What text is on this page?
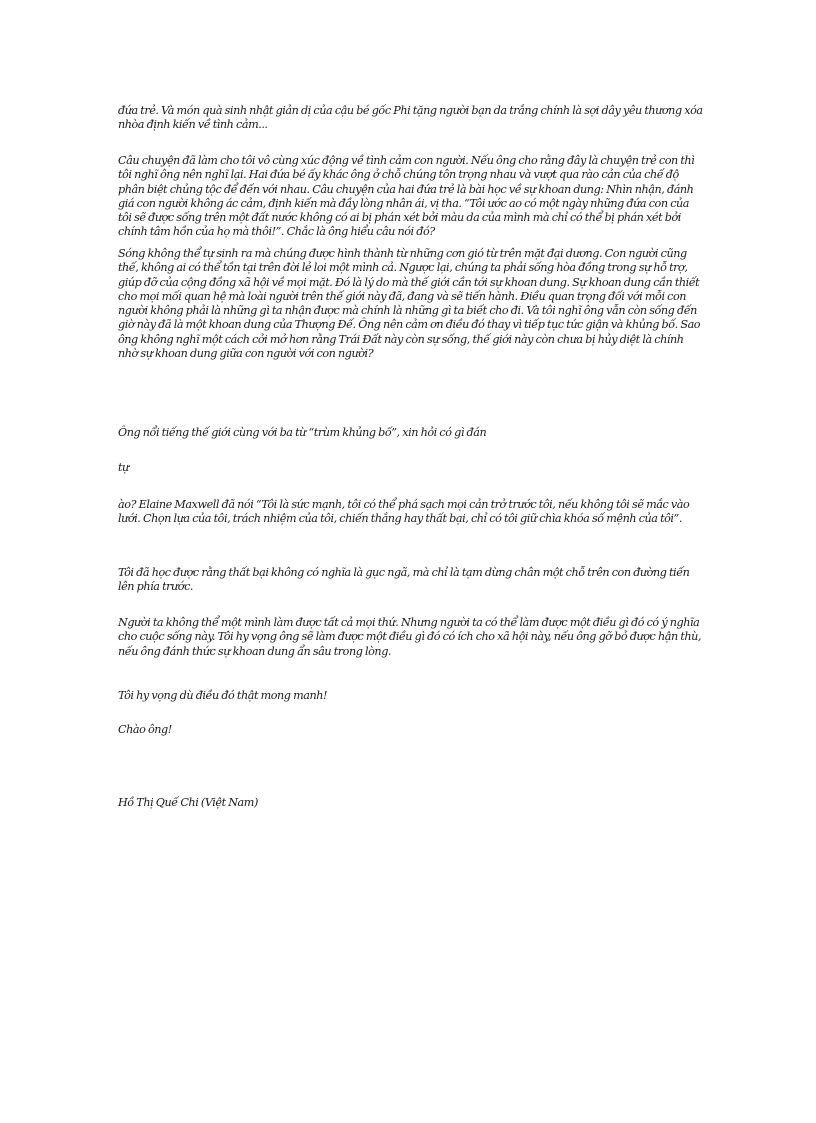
đứa trẻ. Và món quà sinh nhật giản dị của cậu bé gốc Phi tặng người bạn da trắng chính là sợi dây yêu thương xóa nhòa định kiến về tình cảm...

Câu chuyện đã làm cho tôi vô cùng xúc động về tình cảm con người. Nếu ông cho rằng đây là chuyện trẻ con thì tôi nghĩ ông nên nghĩ lại. Hai đứa bé ấy khác ông ở chỗ chúng tôn trọng nhau và vượt qua rào cản của chế độ phân biệt chủng tộc để đến với nhau. Câu chuyện của hai đứa trẻ là bài học về sự khoan dung: Nhìn nhận, đánh giá con người không ác cảm, định kiến mà đầy lòng nhân ái, vị tha. “Tôi ước ao có một ngày những đứa con của tôi sẽ được sống trên một đất nước không có ai bị phán xét bởi màu da của mình mà chỉ có thể bị phán xét bởi chính tâm hồn của họ mà thôi!”. Chắc là ông hiểu câu nói đó?

Sóng không thể tự sinh ra mà chúng được hình thành từ những cơn gió từ trên mặt đại dương. Con người cũng thế, không ai có thể tồn tại trên đời lẻ loi một mình cả. Ngược lại, chúng ta phải sống hòa đồng trong sự hỗ trợ, giúp đỡ của cộng đồng xã hội về mọi mặt. Đó là lý do mà thế giới cần tới sự khoan dung. Sự khoan dung cần thiết cho mọi mối quan hệ mà loài người trên thế giới này đã, đang và sẽ tiến hành. Điều quan trọng đối với mỗi con người không phải là những gì ta nhận được mà chính là những gì ta biết cho đi. Và tôi nghĩ ông vẫn còn sống đến giờ này đã là một khoan dung của Thượng Đế. Ông nên cảm ơn điều đó thay vì tiếp tục tức giận và khủng bố. Sao ông không nghĩ một cách cởi mở hơn rằng Trái Đất này còn sự sống, thế giới này còn chưa bị hủy diệt là chính nhờ sự khoan dung giữa con người với con người?

Ông nổi tiếng thế giới cùng với ba từ “trùm khủng bố”, xin hỏi có gì đán

tự

ào? Elaine Maxwell đã nói “Tôi là sức mạnh, tôi có thể phá sạch mọi cản trở trước tôi, nếu không tôi sẽ mắc vào lưới. Chọn lựa của tôi, trách nhiệm của tôi, chiến thắng hay thất bại, chỉ có tôi giữ chìa khóa số mệnh của tôi”.

Tôi đã học được rằng thất bại không có nghĩa là gục ngã, mà chỉ là tạm dừng chân một chỗ trên con đường tiến lên phía trước.

Người ta không thể một mình làm được tất cả mọi thứ. Nhưng người ta có thể làm được một điều gì đó có ý nghĩa cho cuộc sống này. Tôi hy vọng ông sẽ làm được một điều gì đó có ích cho xã hội này, nếu ông gỡ bỏ được hận thù, nếu ông đánh thức sự khoan dung ẩn sâu trong lòng.

Tôi hy vọng dù điều đó thật mong manh!

Chào ông!

Hồ Thị Quế Chi (Việt Nam)
